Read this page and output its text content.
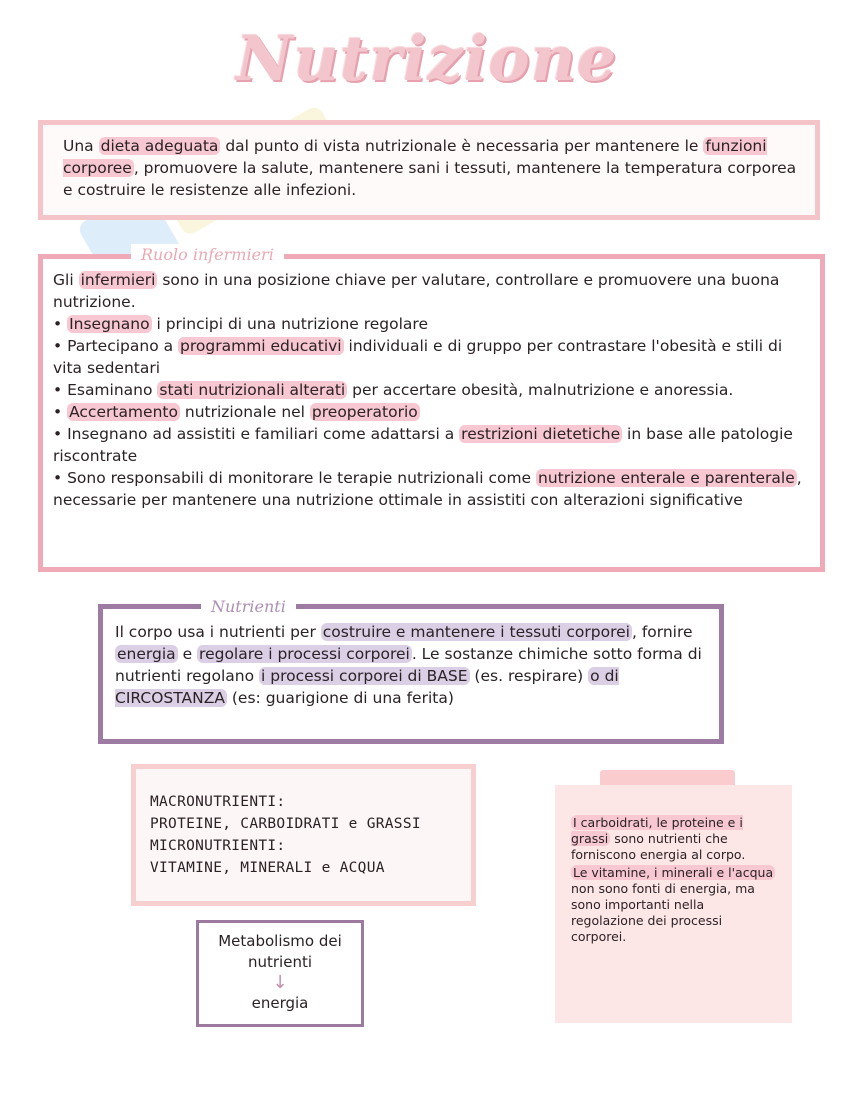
Nutrizione
Una dieta adeguata dal punto di vista nutrizionale è necessaria per mantenere le funzioni corporee , promuovere la salute, mantenere sani i tessuti, mantenere la temperatura corporea e costruire le resistenze alle infezioni.
Ruolo infermieri
Gli infermieri sono in una posizione chiave per valutare, controllare e promuovere una buona nutrizione.
• Insegnano i principi di una nutrizione regolare
• Partecipano a programmi educativi individuali e di gruppo per contrastare l'obesità e stili di vita sedentari
• Esaminano stati nutrizionali alterati per accertare obesità, malnutrizione e anoressia.
• Accertamento nutrizionale nel preoperatorio
• Insegnano ad assistiti e familiari come adattarsi a restrizioni dietetiche in base alle patologie riscontrate
• Sono responsabili di monitorare le terapie nutrizionali come nutrizione enterale e parenterale , necessarie per mantenere una nutrizione ottimale in assistiti con alterazioni significative
Nutrienti
Il corpo usa i nutrienti per costruire e mantenere i tessuti corporei , fornire energia e regolare i processi corporei . Le sostanze chimiche sotto forma di nutrienti regolano i processi corporei di BASE (es. respirare) o di CIRCOSTANZA (es: guarigione di una ferita)
MACRONUTRIENTI:
PROTEINE, CARBOIDRATI e GRASSI
MICRONUTRIENTI:
VITAMINE, MINERALI e ACQUA
Metabolismo dei
nutrienti
↓
energia
I carboidrati, le proteine e i grassi sono nutrienti che forniscono energia al corpo.
Le vitamine, i minerali e l'acqua non sono fonti di energia, ma sono importanti nella regolazione dei processi corporei.
